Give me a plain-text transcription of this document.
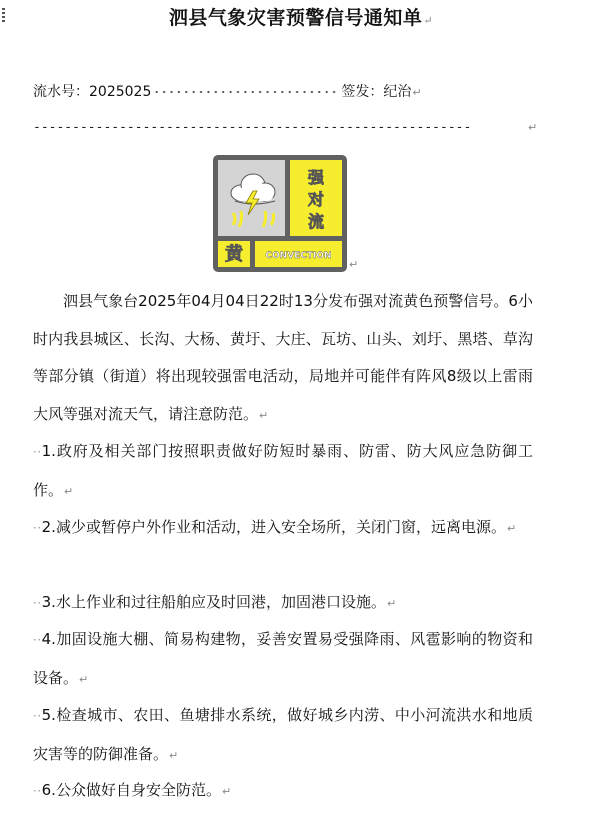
泗县气象灾害预警信号通知单↵
流水号：2025025	签发：纪治↵
--------------------------------------------------------	↵
强对流
黄 CONVECTION
↵
泗县气象台2025年04月04日22时13分发布强对流黄色预警信号。6小时内我县城区、长沟、大杨、黄圩、大庄、瓦坊、山头、刘圩、黑塔、草沟等部分镇（街道）将出现较强雷电活动，局地并可能伴有阵风8级以上雷雨大风等强对流天气，请注意防范。↵
··1.政府及相关部门按照职责做好防短时暴雨、防雷、防大风应急防御工作。↵
··2.减少或暂停户外作业和活动，进入安全场所，关闭门窗，远离电源。↵
··3.水上作业和过往船舶应及时回港，加固港口设施。↵
··4.加固设施大棚、简易构建物，妥善安置易受强降雨、风雹影响的物资和设备。↵
··5.检查城市、农田、鱼塘排水系统，做好城乡内涝、中小河流洪水和地质灾害等的防御准备。↵
··6.公众做好自身安全防范。↵
